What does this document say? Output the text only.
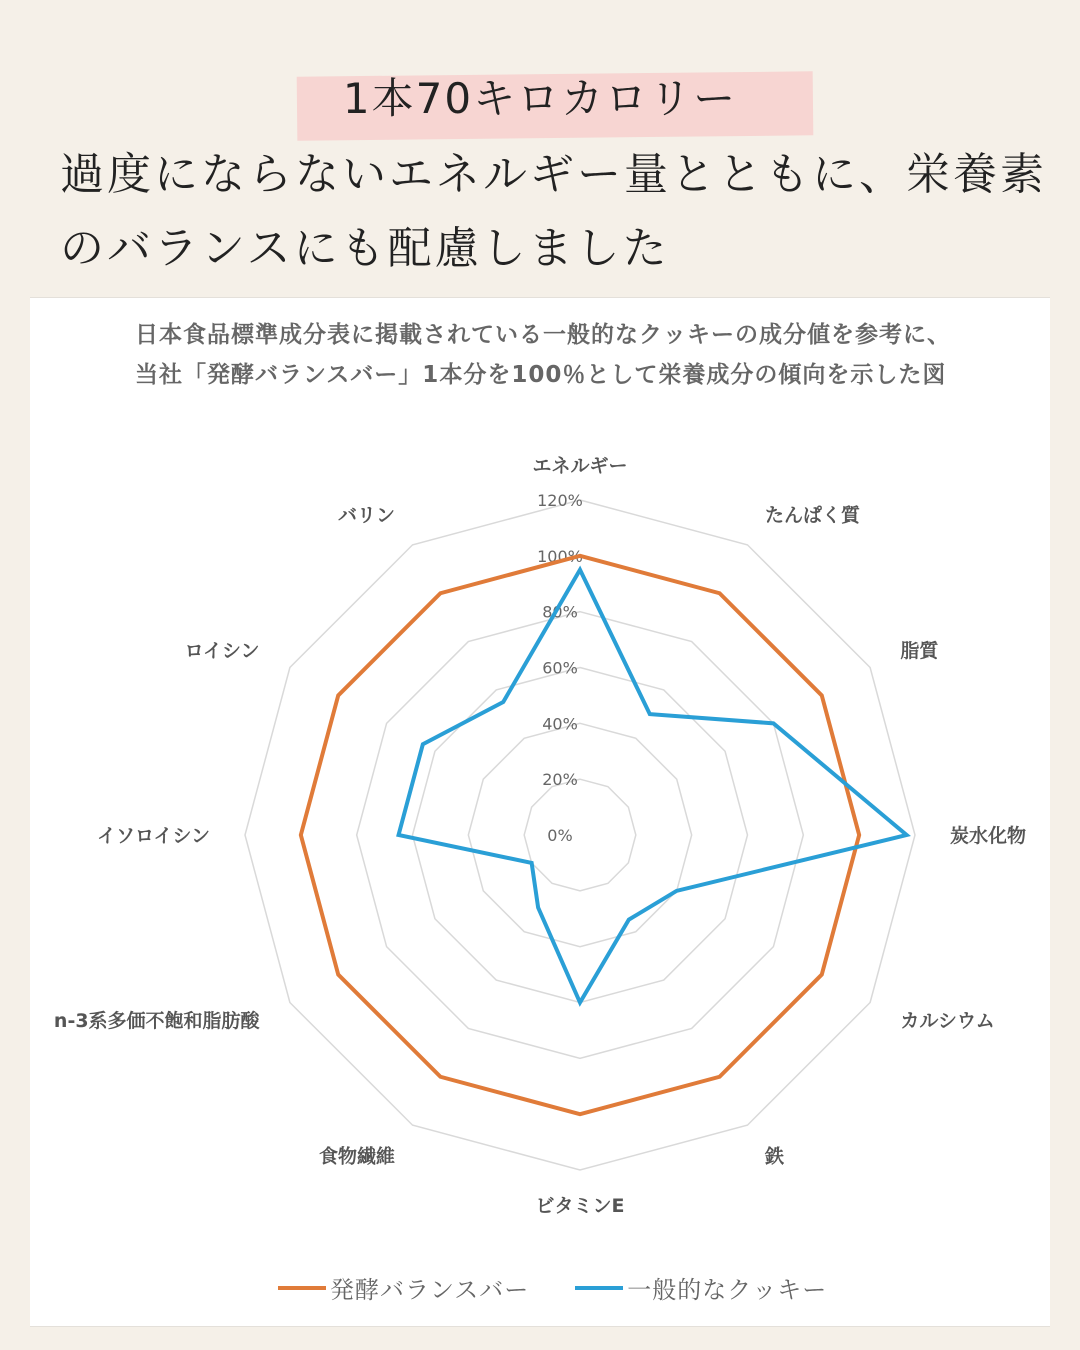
1本70キロカロリー
過度にならないエネルギー量とともに、栄養素
のバランスにも配慮しました
日本食品標準成分表に掲載されている一般的なクッキーの成分値を参考に、
当社「発酵バランスバー」1本分を100％として栄養成分の傾向を示した図
0%
20%
40%
60%
80%
100%
120%
エネルギー
たんぱく質
脂質
炭水化物
カルシウム
鉄
ビタミンE
食物繊維
n-3系多価不飽和脂肪酸
イソロイシン
ロイシン
バリン
発酵バランスバー	一般的なクッキー
